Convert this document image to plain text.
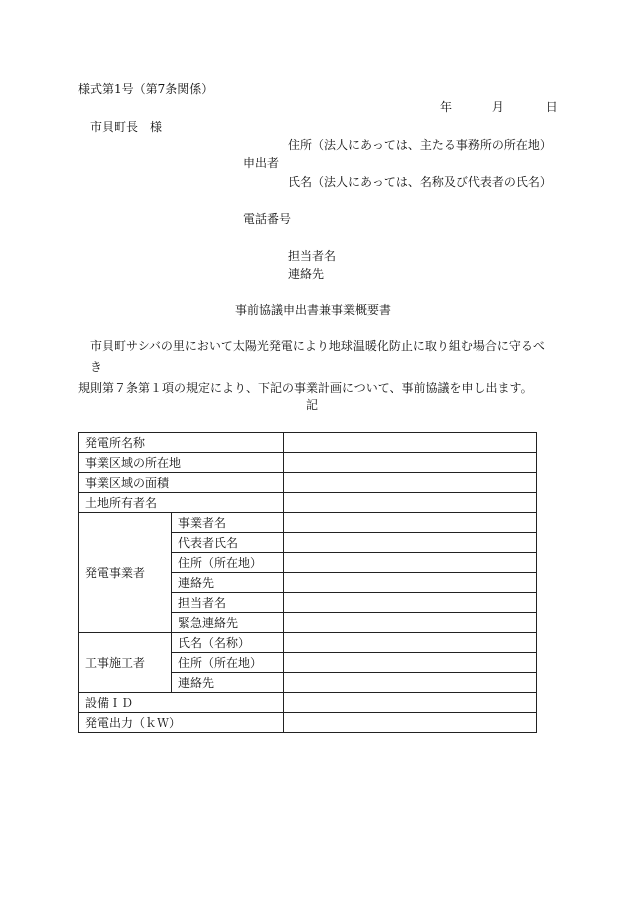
様式第1号（第7条関係）
年	月	日
市貝町長　様
住所（法人にあっては、主たる事務所の所在地）
申出者
氏名（法人にあっては、名称及び代表者の氏名）
電話番号
担当者名
連絡先
事前協議申出書兼事業概要書
市貝町サシバの里において太陽光発電により地球温暖化防止に取り組む場合に守るべき
規則第７条第１項の規定により、下記の事業計画について、事前協議を申し出ます。
記
発電所名称		
事業区域の所在地		
事業区域の面積		
土地所有者名		
発電事業者	事業者名	
	代表者氏名	
	住所（所在地）	
	連絡先	
	担当者名	
	緊急連絡先	
工事施工者	氏名（名称）	
	住所（所在地）	
	連絡先	
設備ＩＤ		
発電出力（ｋＷ）		
